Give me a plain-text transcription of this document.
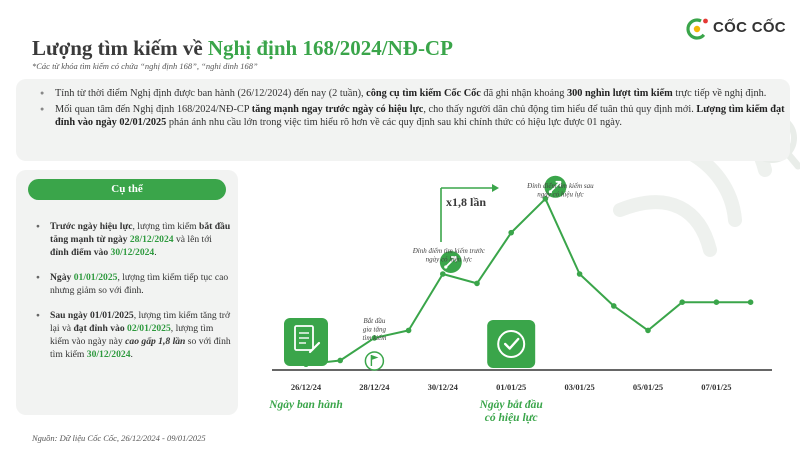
Lượng tìm kiếm về Nghị định 168/2024/NĐ-CP
*Các từ khóa tìm kiếm có chứa “nghị định 168”, “nghi dinh 168”
CỐC CỐC
● Tính từ thời điểm Nghị định được ban hành (26/12/2024) đến nay (2 tuần), công cụ tìm kiếm Cốc Cốc đã ghi nhận khoảng 300 nghìn lượt tìm kiếm trực tiếp về nghị định.
● Mối quan tâm đến Nghị định 168/2024/NĐ-CP tăng mạnh ngay trước ngày có hiệu lực, cho thấy người dân chủ động tìm hiểu để tuân thủ quy định mới. Lượng tìm kiếm đạt đỉnh vào ngày 02/01/2025 phản ánh nhu cầu lớn trong việc tìm hiểu rõ hơn về các quy định sau khi chính thức có hiệu lực được 01 ngày.
Cụ thể
● Trước ngày hiệu lực, lượng tìm kiếm bắt đầu tăng mạnh từ ngày 28/12/2024 và lên tới đỉnh điểm vào 30/12/2024.
● Ngày 01/01/2025, lượng tìm kiếm tiếp tục cao nhưng giảm so với đỉnh.
● Sau ngày 01/01/2025, lượng tìm kiếm tăng trở lại và đạt đỉnh vào 02/01/2025, lượng tìm kiếm vào ngày này cao gấp 1,8 lần so với đỉnh tìm kiếm 30/12/2024.
Nguồn: Dữ liệu Cốc Cốc, 26/12/2024 - 09/01/2025
26/12/24	28/12/24	30/12/24	01/01/25	03/01/25	05/01/25	07/01/25
Ngày ban hành
Bắt đầu
gia tăng
tìm kiếm
Đỉnh điểm tìm kiếm trước
ngày có hiệu lực
Ngày bắt đầu
có hiệu lực
Đỉnh điểm tìm kiếm sau
ngày có hiệu lực
x1,8 lần
